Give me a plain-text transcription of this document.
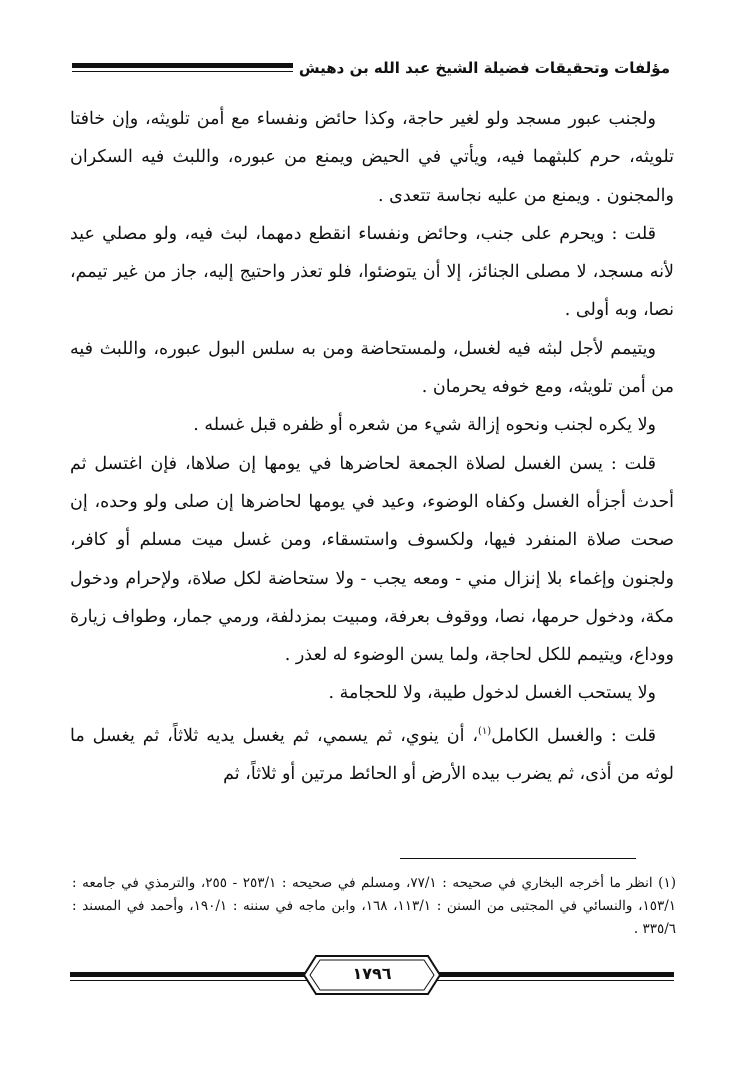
مؤلفات وتحقيقات فضيلة الشيخ عبد الله بن دهيش

ولجنب عبور مسجد ولو لغير حاجة، وكذا حائض ونفساء مع أمن تلويثه، وإن خافتا تلويثه، حرم كلبثهما فيه، ويأتي في الحيض ويمنع من عبوره، واللبث فيه السكران والمجنون . ويمنع من عليه نجاسة تتعدى .

قلت : ويحرم على جنب، وحائض ونفساء انقطع دمهما، لبث فيه، ولو مصلي عيد لأنه مسجد، لا مصلى الجنائز، إلا أن يتوضئوا، فلو تعذر واحتيج إليه، جاز من غير تيمم، نصا، وبه أولى .

ويتيمم لأجل لبثه فيه لغسل، ولمستحاضة ومن به سلس البول عبوره، واللبث فيه من أمن تلويثه، ومع خوفه يحرمان .

ولا يكره لجنب ونحوه إزالة شيء من شعره أو ظفره قبل غسله .

قلت : يسن الغسل لصلاة الجمعة لحاضرها في يومها إن صلاها، فإن اغتسل ثم أحدث أجزأه الغسل وكفاه الوضوء، وعيد في يومها لحاضرها إن صلى ولو وحده، إن صحت صلاة المنفرد فيها، ولكسوف واستسقاء، ومن غسل ميت مسلم أو كافر، ولجنون وإغماء بلا إنزال مني - ومعه يجب - ولا ستحاضة لكل صلاة، ولإحرام ودخول مكة، ودخول حرمها، نصا، ووقوف بعرفة، ومبيت بمزدلفة، ورمي جمار، وطواف زيارة ووداع، ويتيمم للكل لحاجة، ولما يسن الوضوء له لعذر .

ولا يستحب الغسل لدخول طيبة، ولا للحجامة .

قلت : والغسل الكامل$^{(١)}$، أن ينوي، ثم يسمي، ثم يغسل يديه ثلاثاً، ثم يغسل ما لوثه من أذى، ثم يضرب بيده الأرض أو الحائط مرتين أو ثلاثاً، ثم

(١) انظر ما أخرجه البخاري في صحيحه : ٧٧/١، ومسلم في صحيحه : ٢٥٣/١ - ٢٥٥، والترمذي في جامعه : ١٥٣/١، والنسائي في المجتبى من السنن : ١١٣/١، ١٦٨، وابن ماجه في سننه : ١٩٠/١، وأحمد في المسند : ٣٣٥/٦ .

١٧٩٦
